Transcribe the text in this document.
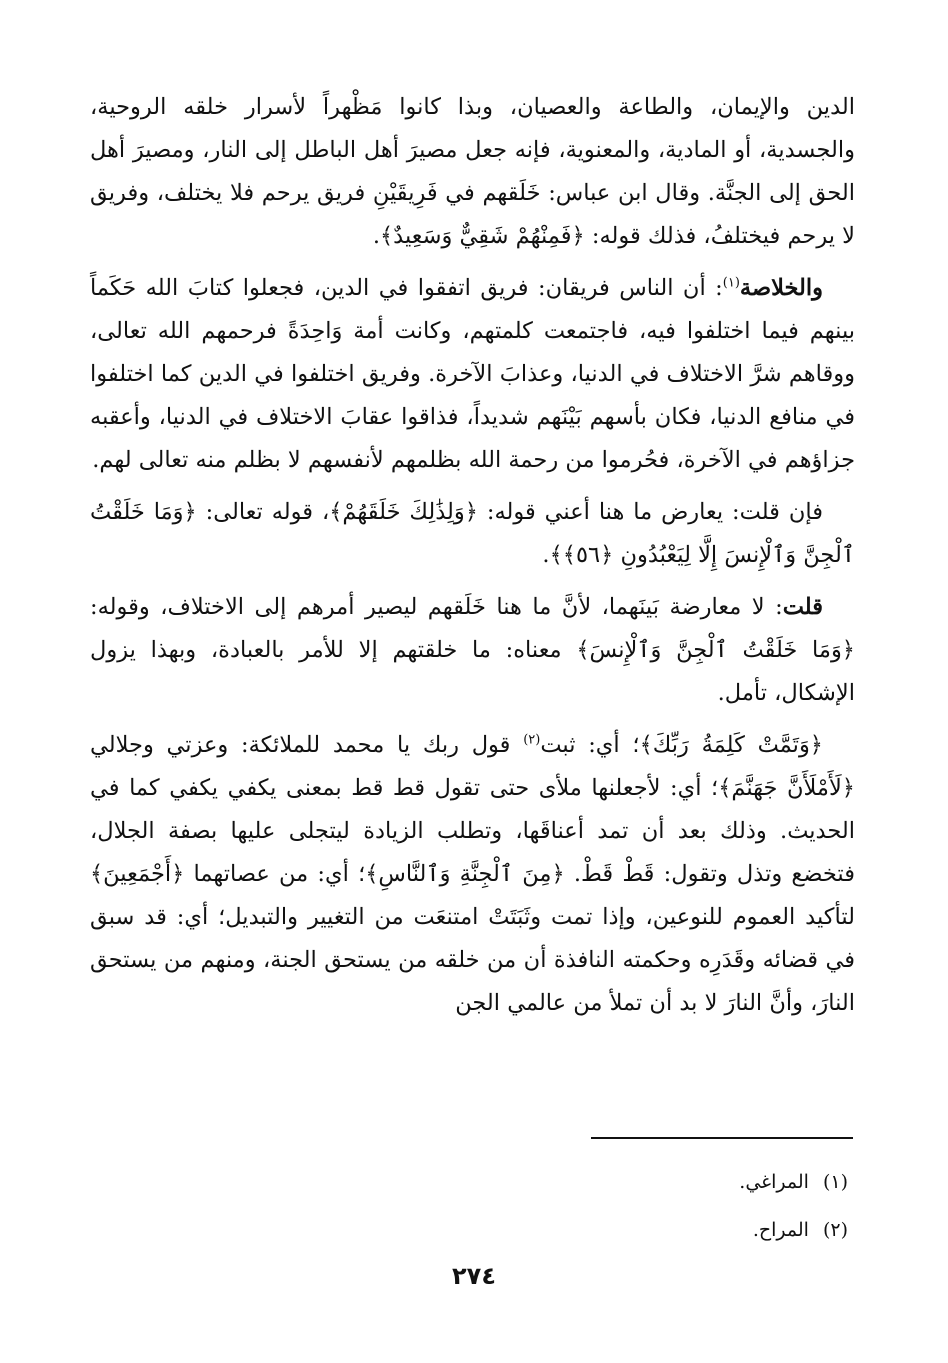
الدين والإيمان، والطاعة والعصيان، وبذا كانوا مَظْهراً لأسرار خلقه الروحية، والجسدية، أو المادية، والمعنوية، فإنه جعل مصيرَ أهل الباطل إلى النار، ومصيرَ أهل الحق إلى الجنَّة. وقال ابن عباس: خَلَقهم في فَرِيقَيْنِ فريق يرحم فلا يختلف، وفريق لا يرحم فيختلفُ، فذلك قوله: ﴿فَمِنْهُمْ شَقِيٌّ وَسَعِيدٌ﴾.

والخلاصة$^{(١)}$: أن الناس فريقان: فريق اتفقوا في الدين، فجعلوا كتابَ الله حَكَماً بينهم فيما اختلفوا فيه، فاجتمعت كلمتهم، وكانت أمة وَاحِدَةً فرحمهم الله تعالى، ووقاهم شرَّ الاختلاف في الدنيا، وعذابَ الآخرة. وفريق اختلفوا في الدين كما اختلفوا في منافع الدنيا، فكان بأسهم بَيْنَهم شديداً، فذاقوا عقابَ الاختلاف في الدنيا، وأعقبه جزاؤهم في الآخرة، فحُرموا من رحمة الله بظلمهم لأنفسهم لا بظلم منه تعالى لهم.

فإن قلت: يعارض ما هنا أعني قوله: ﴿وَلِذَٰلِكَ خَلَقَهُمْ﴾، قوله تعالى: ﴿وَمَا خَلَقْتُ ٱلْجِنَّ وَٱلْإِنسَ إِلَّا لِيَعْبُدُونِ ﴿٥٦﴾﴾.

قلت: لا معارضة بَينَهما، لأنَّ ما هنا خَلَقهم ليصير أمرهم إلى الاختلاف، وقوله: ﴿وَمَا خَلَقْتُ ٱلْجِنَّ وَٱلْإِنسَ﴾ معناه: ما خلقتهم إلا للأمر بالعبادة، وبهذا يزول الإشكال، تأمل.

﴿وَتَمَّتْ كَلِمَةُ رَبِّكَ﴾؛ أي: ثبت$^{(٢)}$ قول ربك يا محمد للملائكة: وعزتي وجلالي ﴿لَأَمْلَأَنَّ جَهَنَّمَ﴾؛ أي: لأجعلنها ملأى حتى تقول قط قط بمعنى يكفي يكفي كما في الحديث. وذلك بعد أن تمد أعناقَها، وتطلب الزيادة ليتجلى عليها بصفة الجلال، فتخضع وتذل وتقول: قَطْ قَطْ. ﴿مِنَ ٱلْجِنَّةِ وَٱلنَّاسِ﴾؛ أي: من عصاتهما ﴿أَجْمَعِينَ﴾ لتأكيد العموم للنوعين، وإذا تمت وثَبَتَتْ امتنعَت من التغيير والتبديل؛ أي: قد سبق في قضائه وقَدَرِه وحكمته النافذة أن من خلقه من يستحق الجنة، ومنهم من يستحق النارَ، وأنَّ النارَ لا بد أن تملأ من عالمي الجن

(١)المراغي.
(٢)المراح.
٢٧٤
